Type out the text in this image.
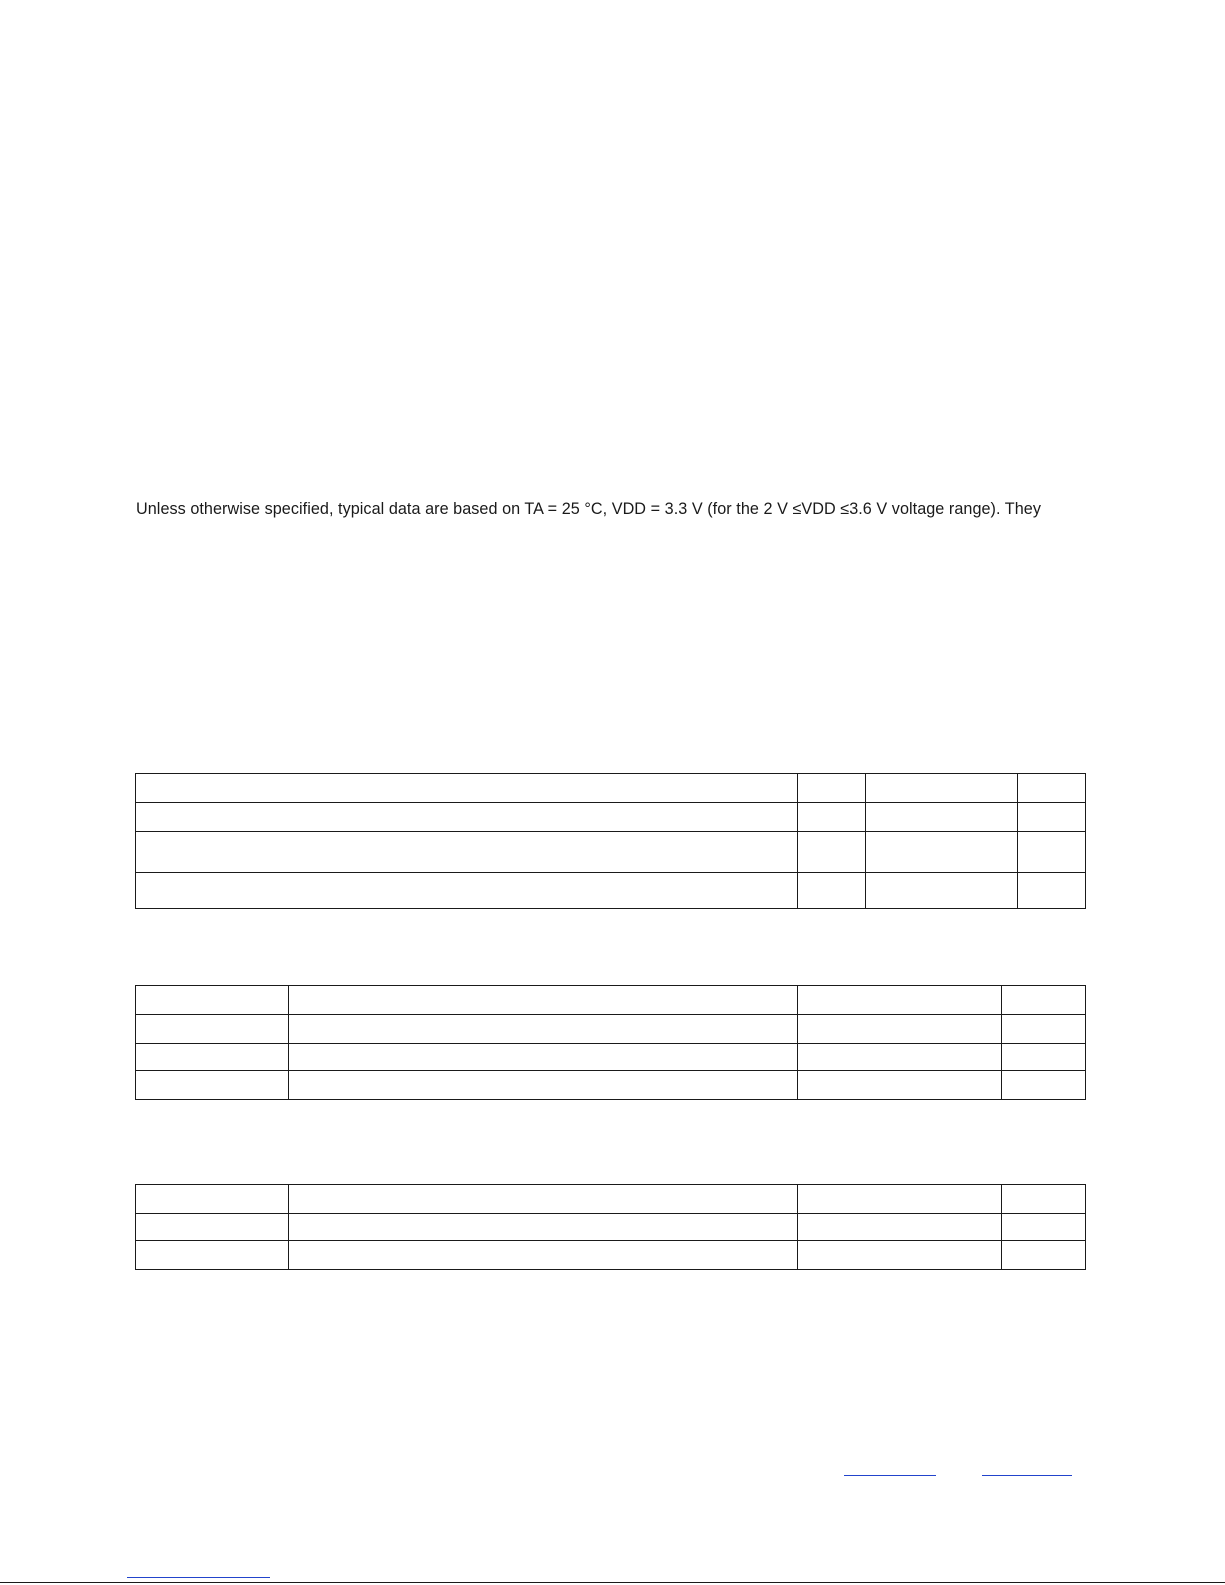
Unless otherwise specified, typical data are based on TA = 25 °C, VDD = 3.3 V (for the 2 V ≤VDD ≤3.6 V voltage range). They
